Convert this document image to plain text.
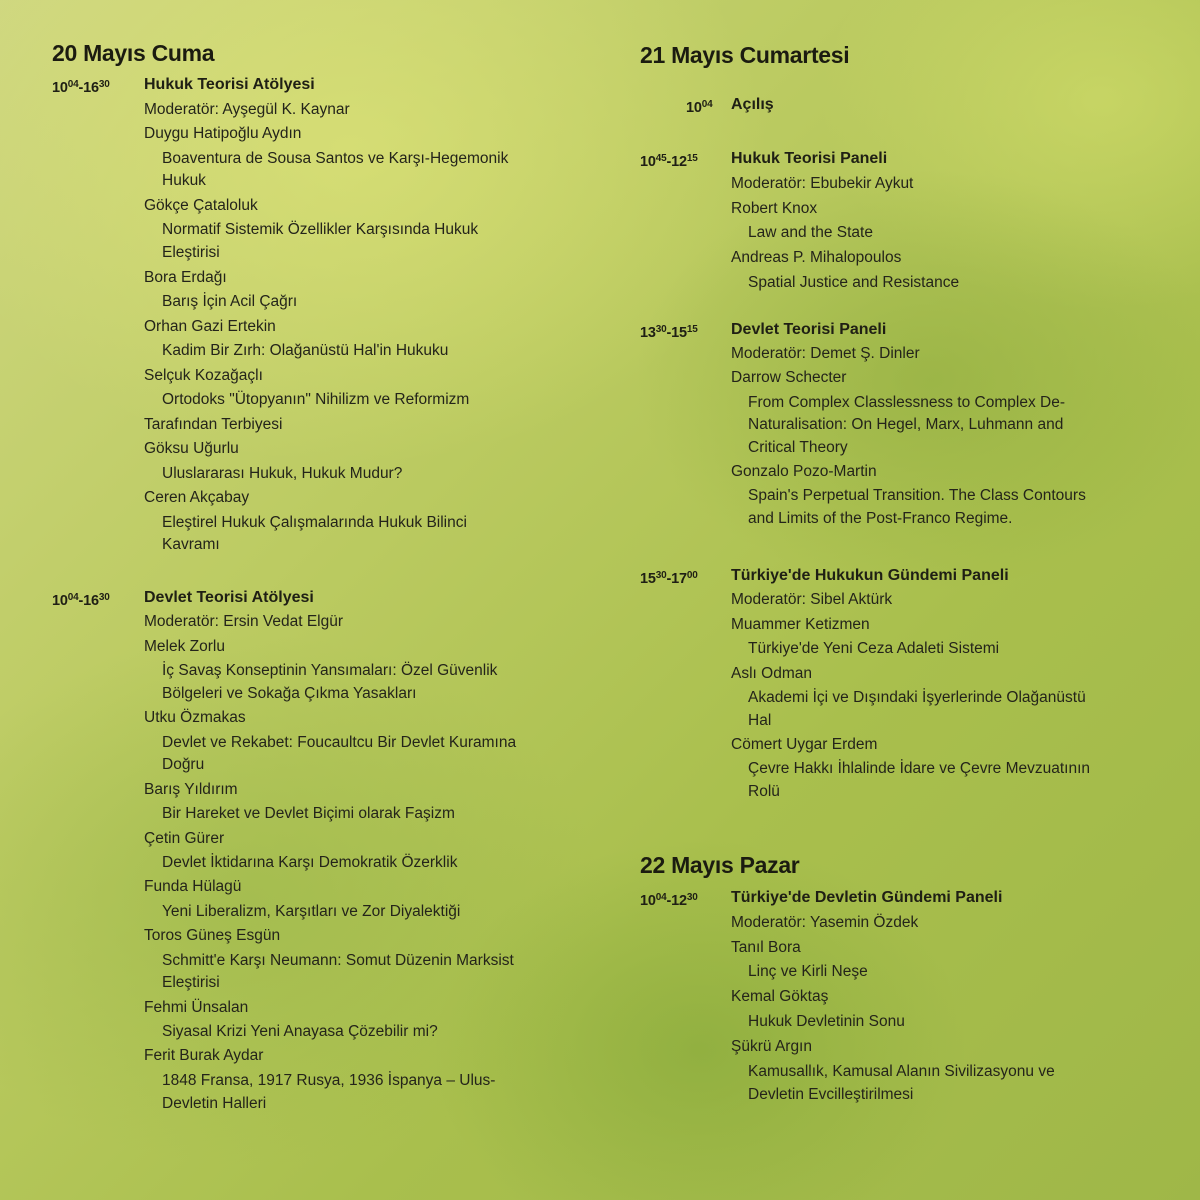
20 Mayıs Cuma
$10^{04}-16^{30}$ Hukuk Teorisi Atölyesi
Moderatör: Ayşegül K. Kaynar
Duygu Hatipoğlu Aydın
Boaventura de Sousa Santos ve Karşı-Hegemonik
Hukuk
Gökçe Çataloluk
Normatif Sistemik Özellikler Karşısında Hukuk
Eleştirisi
Bora Erdağı
Barış İçin Acil Çağrı
Orhan Gazi Ertekin
Kadim Bir Zırh: Olağanüstü Hal'in Hukuku
Selçuk Kozağaçlı
Ortodoks "Ütopyanın" Nihilizm ve Reformizm
Tarafından Terbiyesi
Göksu Uğurlu
Uluslararası Hukuk, Hukuk Mudur?
Ceren Akçabay
Eleştirel Hukuk Çalışmalarında Hukuk Bilinci
Kavramı
$10^{04}-16^{30}$ Devlet Teorisi Atölyesi
Moderatör: Ersin Vedat Elgür
Melek Zorlu
İç Savaş Konseptinin Yansımaları: Özel Güvenlik
Bölgeleri ve Sokağa Çıkma Yasakları
Utku Özmakas
Devlet ve Rekabet: Foucaultcu Bir Devlet Kuramına
Doğru
Barış Yıldırım
Bir Hareket ve Devlet Biçimi olarak Faşizm
Çetin Gürer
Devlet İktidarına Karşı Demokratik Özerklik
Funda Hülagü
Yeni Liberalizm, Karşıtları ve Zor Diyalektiği
Toros Güneş Esgün
Schmitt'e Karşı Neumann: Somut Düzenin Marksist
Eleştirisi
Fehmi Ünsalan
Siyasal Krizi Yeni Anayasa Çözebilir mi?
Ferit Burak Aydar
1848 Fransa, 1917 Rusya, 1936 İspanya – Ulus-
Devletin Halleri
21 Mayıs Cumartesi
$10^{04}$ Açılış
$10^{45}-12^{15}$ Hukuk Teorisi Paneli
Moderatör: Ebubekir Aykut
Robert Knox
Law and the State
Andreas P. Mihalopoulos
Spatial Justice and Resistance
$13^{30}-15^{15}$ Devlet Teorisi Paneli
Moderatör: Demet Ş. Dinler
Darrow Schecter
From Complex Classlessness to Complex De-
Naturalisation: On Hegel, Marx, Luhmann and
Critical Theory
Gonzalo Pozo-Martin
Spain's Perpetual Transition. The Class Contours
and Limits of the Post-Franco Regime.
$15^{30}-17^{00}$ Türkiye'de Hukukun Gündemi Paneli
Moderatör: Sibel Aktürk
Muammer Ketizmen
Türkiye'de Yeni Ceza Adaleti Sistemi
Aslı Odman
Akademi İçi ve Dışındaki İşyerlerinde Olağanüstü
Hal
Cömert Uygar Erdem
Çevre Hakkı İhlalinde İdare ve Çevre Mevzuatının
Rolü
22 Mayıs Pazar
$10^{04}-12^{30}$ Türkiye'de Devletin Gündemi Paneli
Moderatör: Yasemin Özdek
Tanıl Bora
Linç ve Kirli Neşe
Kemal Göktaş
Hukuk Devletinin Sonu
Şükrü Argın
Kamusallık, Kamusal Alanın Sivilizasyonu ve
Devletin Evcilleştirilmesi
